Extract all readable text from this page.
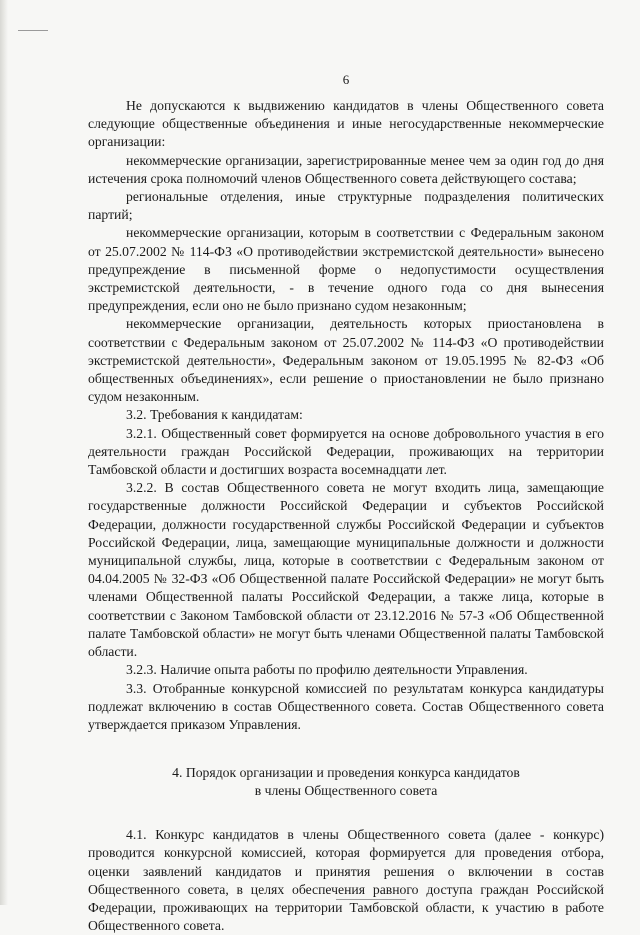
6

Не допускаются к выдвижению кандидатов в члены Общественного совета следующие общественные объединения и иные негосударственные некоммерческие организации:

некоммерческие организации, зарегистрированные менее чем за один год до дня истечения срока полномочий членов Общественного совета действующего состава;

региональные отделения, иные структурные подразделения политических партий;

некоммерческие организации, которым в соответствии с Федеральным законом от 25.07.2002 № 114-ФЗ «О противодействии экстремистской деятельности» вынесено предупреждение в письменной форме о недопустимости осуществления экстремистской деятельности, - в течение одного года со дня вынесения предупреждения, если оно не было признано судом незаконным;

некоммерческие организации, деятельность которых приостановлена в соответствии с Федеральным законом от 25.07.2002 № 114-ФЗ «О противодействии экстремистской деятельности», Федеральным законом от 19.05.1995 № 82-ФЗ «Об общественных объединениях», если решение о приостановлении не было признано судом незаконным.

3.2. Требования к кандидатам:

3.2.1. Общественный совет формируется на основе добровольного участия в его деятельности граждан Российской Федерации, проживающих на территории Тамбовской области и достигших возраста восемнадцати лет.

3.2.2. В состав Общественного совета не могут входить лица, замещающие государственные должности Российской Федерации и субъектов Российской Федерации, должности государственной службы Российской Федерации и субъектов Российской Федерации, лица, замещающие муниципальные должности и должности муниципальной службы, лица, которые в соответствии с Федеральным законом от 04.04.2005 № 32-ФЗ «Об Общественной палате Российской Федерации» не могут быть членами Общественной палаты Российской Федерации, а также лица, которые в соответствии с Законом Тамбовской области от 23.12.2016 № 57-З «Об Общественной палате Тамбовской области» не могут быть членами Общественной палаты Тамбовской области.

3.2.3. Наличие опыта работы по профилю деятельности Управления.

3.3. Отобранные конкурсной комиссией по результатам конкурса кандидатуры подлежат включению в состав Общественного совета. Состав Общественного совета утверждается приказом Управления.

4. Порядок организации и проведения конкурса кандидатов
в члены Общественного совета

4.1. Конкурс кандидатов в члены Общественного совета (далее - конкурс) проводится конкурсной комиссией, которая формируется для проведения отбора, оценки заявлений кандидатов и принятия решения о включении в состав Общественного совета, в целях обеспечения равного доступа граждан Российской Федерации, проживающих на территории Тамбовской области, к участию в работе Общественного совета.
